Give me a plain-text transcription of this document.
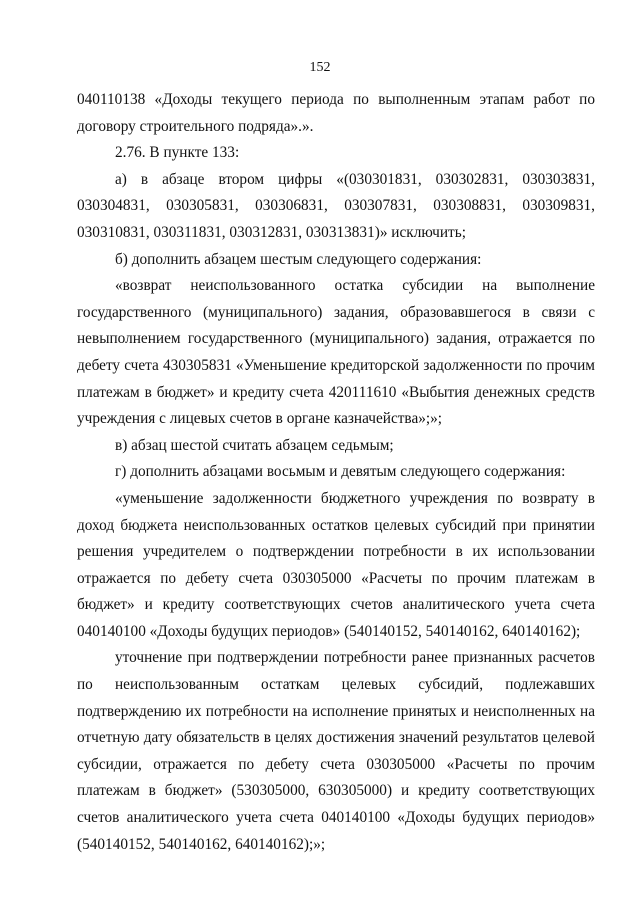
152

040110138 «Доходы текущего периода по выполненным этапам работ по договору строительного подряда».».

2.76. В пункте 133:

а) в абзаце втором цифры «(030301831, 030302831, 030303831, 030304831, 030305831, 030306831, 030307831, 030308831, 030309831, 030310831, 030311831, 030312831, 030313831)» исключить;

б) дополнить абзацем шестым следующего содержания:

«возврат неиспользованного остатка субсидии на выполнение государственного (муниципального) задания, образовавшегося в связи с невыполнением государственного (муниципального) задания, отражается по дебету счета 430305831 «Уменьшение кредиторской задолженности по прочим платежам в бюджет» и кредиту счета 420111610 «Выбытия денежных средств учреждения с лицевых счетов в органе казначейства»;»;

в) абзац шестой считать абзацем седьмым;

г) дополнить абзацами восьмым и девятым следующего содержания:

«уменьшение задолженности бюджетного учреждения по возврату в доход бюджета неиспользованных остатков целевых субсидий при принятии решения учредителем о подтверждении потребности в их использовании отражается по дебету счета 030305000 «Расчеты по прочим платежам в бюджет» и кредиту соответствующих счетов аналитического учета счета 040140100 «Доходы будущих периодов» (540140152, 540140162, 640140162);

уточнение при подтверждении потребности ранее признанных расчетов по неиспользованным остаткам целевых субсидий, подлежавших подтверждению их потребности на исполнение принятых и неисполненных на отчетную дату обязательств в целях достижения значений результатов целевой субсидии, отражается по дебету счета 030305000 «Расчеты по прочим платежам в бюджет» (530305000, 630305000) и кредиту соответствующих счетов аналитического учета счета 040140100 «Доходы будущих периодов» (540140152, 540140162, 640140162);»;
